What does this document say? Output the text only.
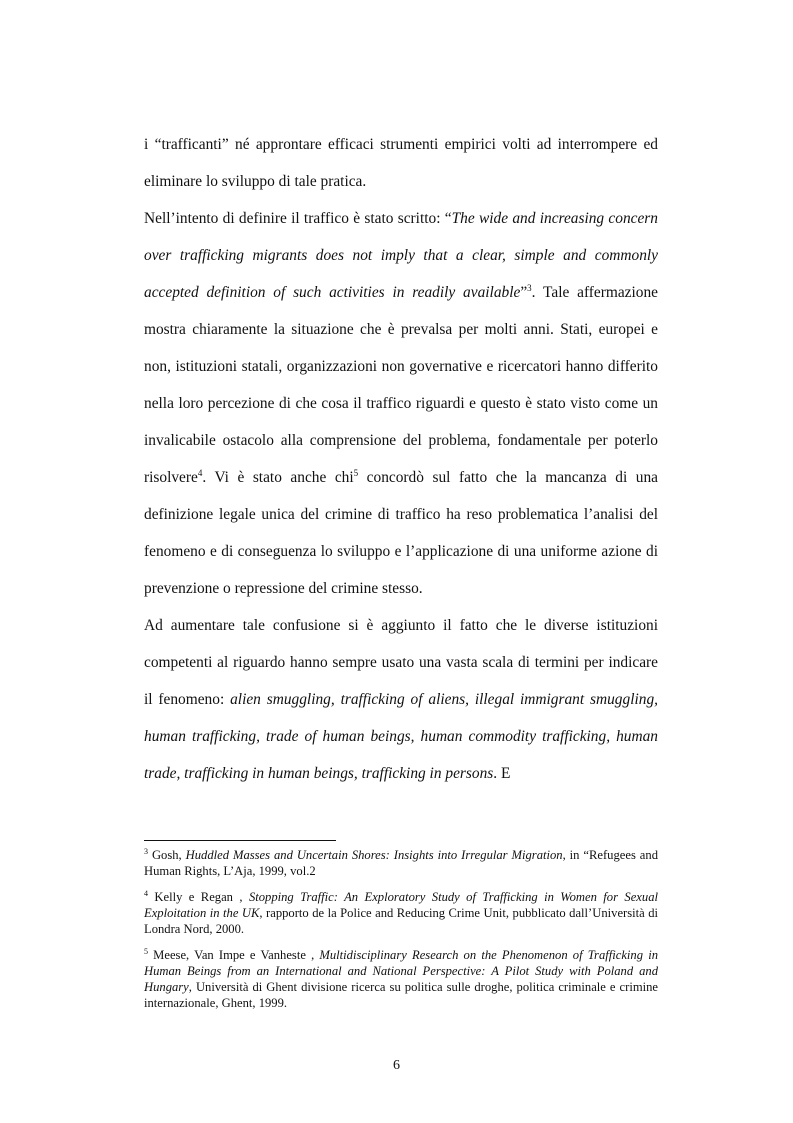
i “trafficanti” né approntare efficaci strumenti empirici volti ad interrompere ed eliminare lo sviluppo di tale pratica.

Nell’intento di definire il traffico è stato scritto: “The wide and increasing concern over trafficking migrants does not imply that a clear, simple and commonly accepted definition of such activities in readily available”$^3$. Tale affermazione mostra chiaramente la situazione che è prevalsa per molti anni. Stati, europei e non, istituzioni statali, organizzazioni non governative e ricercatori hanno differito nella loro percezione di che cosa il traffico riguardi e questo è stato visto come un invalicabile ostacolo alla comprensione del problema, fondamentale per poterlo risolvere$^4$. Vi è stato anche chi$^5$ concordò sul fatto che la mancanza di una definizione legale unica del crimine di traffico ha reso problematica l’analisi del fenomeno e di conseguenza lo sviluppo e l’applicazione di una uniforme azione di prevenzione o repressione del crimine stesso.

Ad aumentare tale confusione si è aggiunto il fatto che le diverse istituzioni competenti al riguardo hanno sempre usato una vasta scala di termini per indicare il fenomeno: alien smuggling, trafficking of aliens, illegal immigrant smuggling, human trafficking, trade of human beings, human commodity trafficking, human trade, trafficking in human beings, trafficking in persons. E

$^3$ Gosh, Huddled Masses and Uncertain Shores: Insights into Irregular Migration, in “Refugees and Human Rights, L’Aja, 1999, vol.2

$^4$ Kelly e Regan , Stopping Traffic: An Exploratory Study of Trafficking in Women for Sexual Exploitation in the UK, rapporto de la Police and Reducing Crime Unit, pubblicato dall’Università di Londra Nord, 2000.

$^5$ Meese, Van Impe e Vanheste , Multidisciplinary Research on the Phenomenon of Trafficking in Human Beings from an International and National Perspective: A Pilot Study with Poland and Hungary, Università di Ghent divisione ricerca su politica sulle droghe, politica criminale e crimine internazionale, Ghent, 1999.

6
